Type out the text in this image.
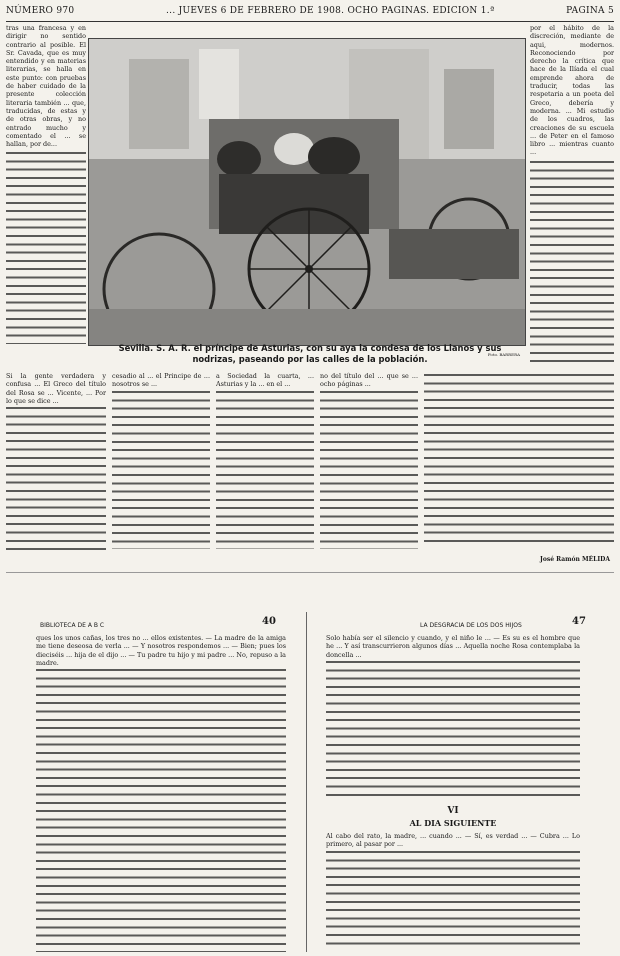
NÚMERO 970	... JUEVES 6 DE FEBRERO DE 1908. OCHO PAGINAS. EDICION 1.ª	PAGINA 5
tras una francesa y en dirigir no sentido contrario al posible. El Sr. Cavada, que es muy entendido y en materias literarias, se halla en este punto: con pruebas de haber cuidado de la presente colección literaria también ... que, traducidas, de estas y de otras obras, y no entrado mucho y comentado el ... se hallan, por de...
Sevilla. S. A. R. el príncipe de Asturias, con su aya la condesa de los Llanos y sus nodrizas, paseando por las calles de la población.	Foto. BARRERA
por el hábito de la discreción, mediante de aqui, modernos. Reconociendo por derecho la crítica que hace de la Ilíada el cual emprende ahora de traducir, todas las respetaria a un poeta del Greco, debería y moderna. ... Mi estudio de los cuadros, las creaciones de su escuela ... de Peter en el famoso libro ... mientras cuanto ...
Si la gente verdadera y confusa ... El Greco del título del Rosa se ... Vicente, ... Por lo que se dice ...
cesadio al ... el Principe de ... nosotros se ...
a Sociedad la cuarta, ... Asturias y la ... en el ...
no del título del ... que se ... ocho páginas ...
José Ramón MÉLIDA
BIBLIOTECA DE A B C	40
ques los unos cañas, los tres no ... ellos existentes. — La madre de la amiga me tiene deseosa de verla ... — Y nosotros respondemos ... — Bien; pues los dieciséis ... hija de el dijo ... — Tu padre tu hijo y mi padre ... No, repuso a la madre.
LA DESGRACIA DE LOS DOS HIJOS	47
Solo había ser el silencio y cuando, y el niño le ... — Es su es el hombre que he ... Y así transcurrieron algunos días ... Aquella noche Rosa contemplaba la doncella ...
VI
AL DIA SIGUIENTE
Al cabo del rato, la madre, ... cuando ... — Sí, es verdad ... — Cubra ... Lo primero, al pasar por ...
